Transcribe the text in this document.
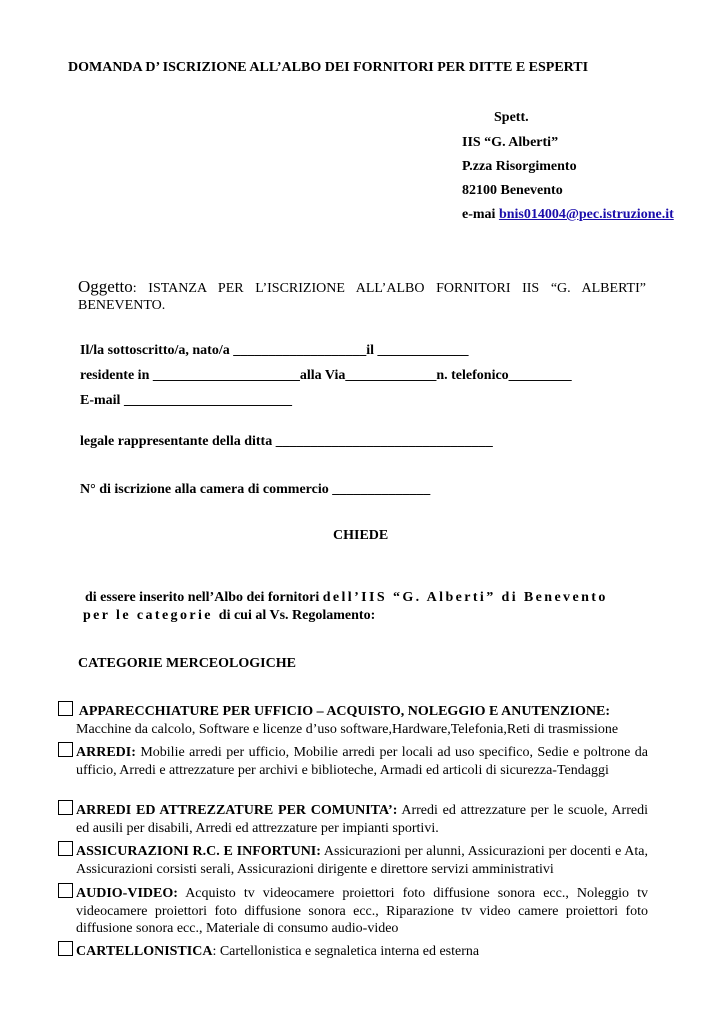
DOMANDA D’ ISCRIZIONE ALL’ALBO DEI FORNITORI PER DITTE E ESPERTI
Spett.
IIS “G. Alberti”
P.zza Risorgimento
82100 Benevento
e-mai bnis014004@pec.istruzione.it
Oggetto: ISTANZA PER L’ISCRIZIONE ALL’ALBO FORNITORI IIS “G. ALBERTI” BENEVENTO.
Il/la sottoscritto/a, nato/a ___________________il _____________
residente in _____________________alla Via_____________n. telefonico_________
E-mail ________________________
legale rappresentante della ditta _______________________________
N° di iscrizione alla camera di commercio ______________
CHIEDE
di essere inserito nell’Albo dei fornitori dell’IIS “G. Alberti” di Benevento
per le categorie di cui al Vs. Regolamento:
CATEGORIE MERCEOLOGICHE
APPARECCHIATURE PER UFFICIO – ACQUISTO, NOLEGGIO E ANUTENZIONE:
Macchine da calcolo, Software e licenze d’uso software,Hardware,Telefonia,Reti di trasmissione
ARREDI: Mobilie arredi per ufficio, Mobilie arredi per locali ad uso specifico, Sedie e poltrone da ufficio, Arredi e attrezzature per archivi e biblioteche, Armadi ed articoli di sicurezza-Tendaggi
ARREDI ED ATTREZZATURE PER COMUNITA’: Arredi ed attrezzature per le scuole, Arredi ed ausili per disabili, Arredi ed attrezzature per impianti sportivi.
ASSICURAZIONI R.C. E INFORTUNI: Assicurazioni per alunni, Assicurazioni per docenti e Ata, Assicurazioni corsisti serali, Assicurazioni dirigente e direttore servizi amministrativi
AUDIO-VIDEO: Acquisto tv videocamere proiettori foto diffusione sonora ecc., Noleggio tv videocamere proiettori foto diffusione sonora ecc., Riparazione tv video camere proiettori foto diffusione sonora ecc., Materiale di consumo audio-video
CARTELLONISTICA: Cartellonistica e segnaletica interna ed esterna
